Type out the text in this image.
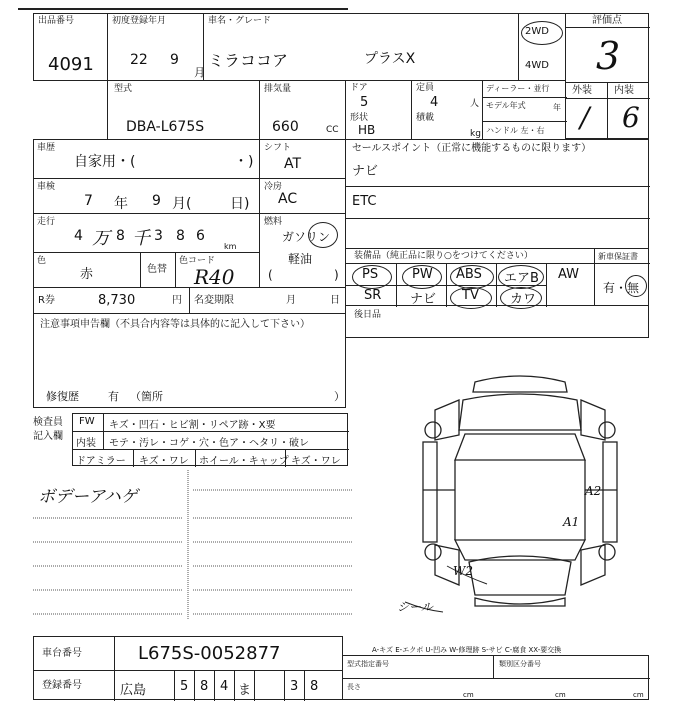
出品番号
4091
初度登録年月
22 9
月
車名・グレード
ミラココア	プラスX
2WD
4WD
評価点
3
外装 内装
/ 6
型式
DBA-L675S
排気量
660	CC
ドア
5
形状
HB
定員
4	人
積載
kg
ディーラー・並行
モデル年式	年
ハンドル 左・右
車歴
自家用・(	・)
シフト
AT
車検
7 年 9 月(	日)
冷房
AC
走行
4 万 8 千 3 8 6
km
燃料
ガソリン
軽油
(	)
色
赤	色替
色コード
R40
R券	8,730	円 名変期限	月	日
セールスポイント（正常に機能するものに限ります）
ナビ
ETC
装備品（純正品に限り○をつけてください）
PS	PW ABS エアB AW
SR ナビ TV カワ
新車保証書
有・無
後日品
注意事項申告欄（不具合内容等は具体的に記入して下さい）
修復歴	有 （箇所	）
検査員
記入欄
FW キズ・凹石・ヒビ割・リペア跡・X要
内装 モテ・汚レ・コゲ・穴・色ア・ヘタリ・破レ
ドアミラー キズ・ワレ ホイール・キャップ キズ・ワレ
ボデーアハゲ	A2
A1
W2
シール
A-キズ E-エクボ U-凹み W-修理跡 S-サビ C-腐食 XX-要交換
車台番号	L675S-0052877
登録番号	広島	5 8 4 ま	3 8
型式指定番号	類別区分番号
長さ
cm	cm	cm
